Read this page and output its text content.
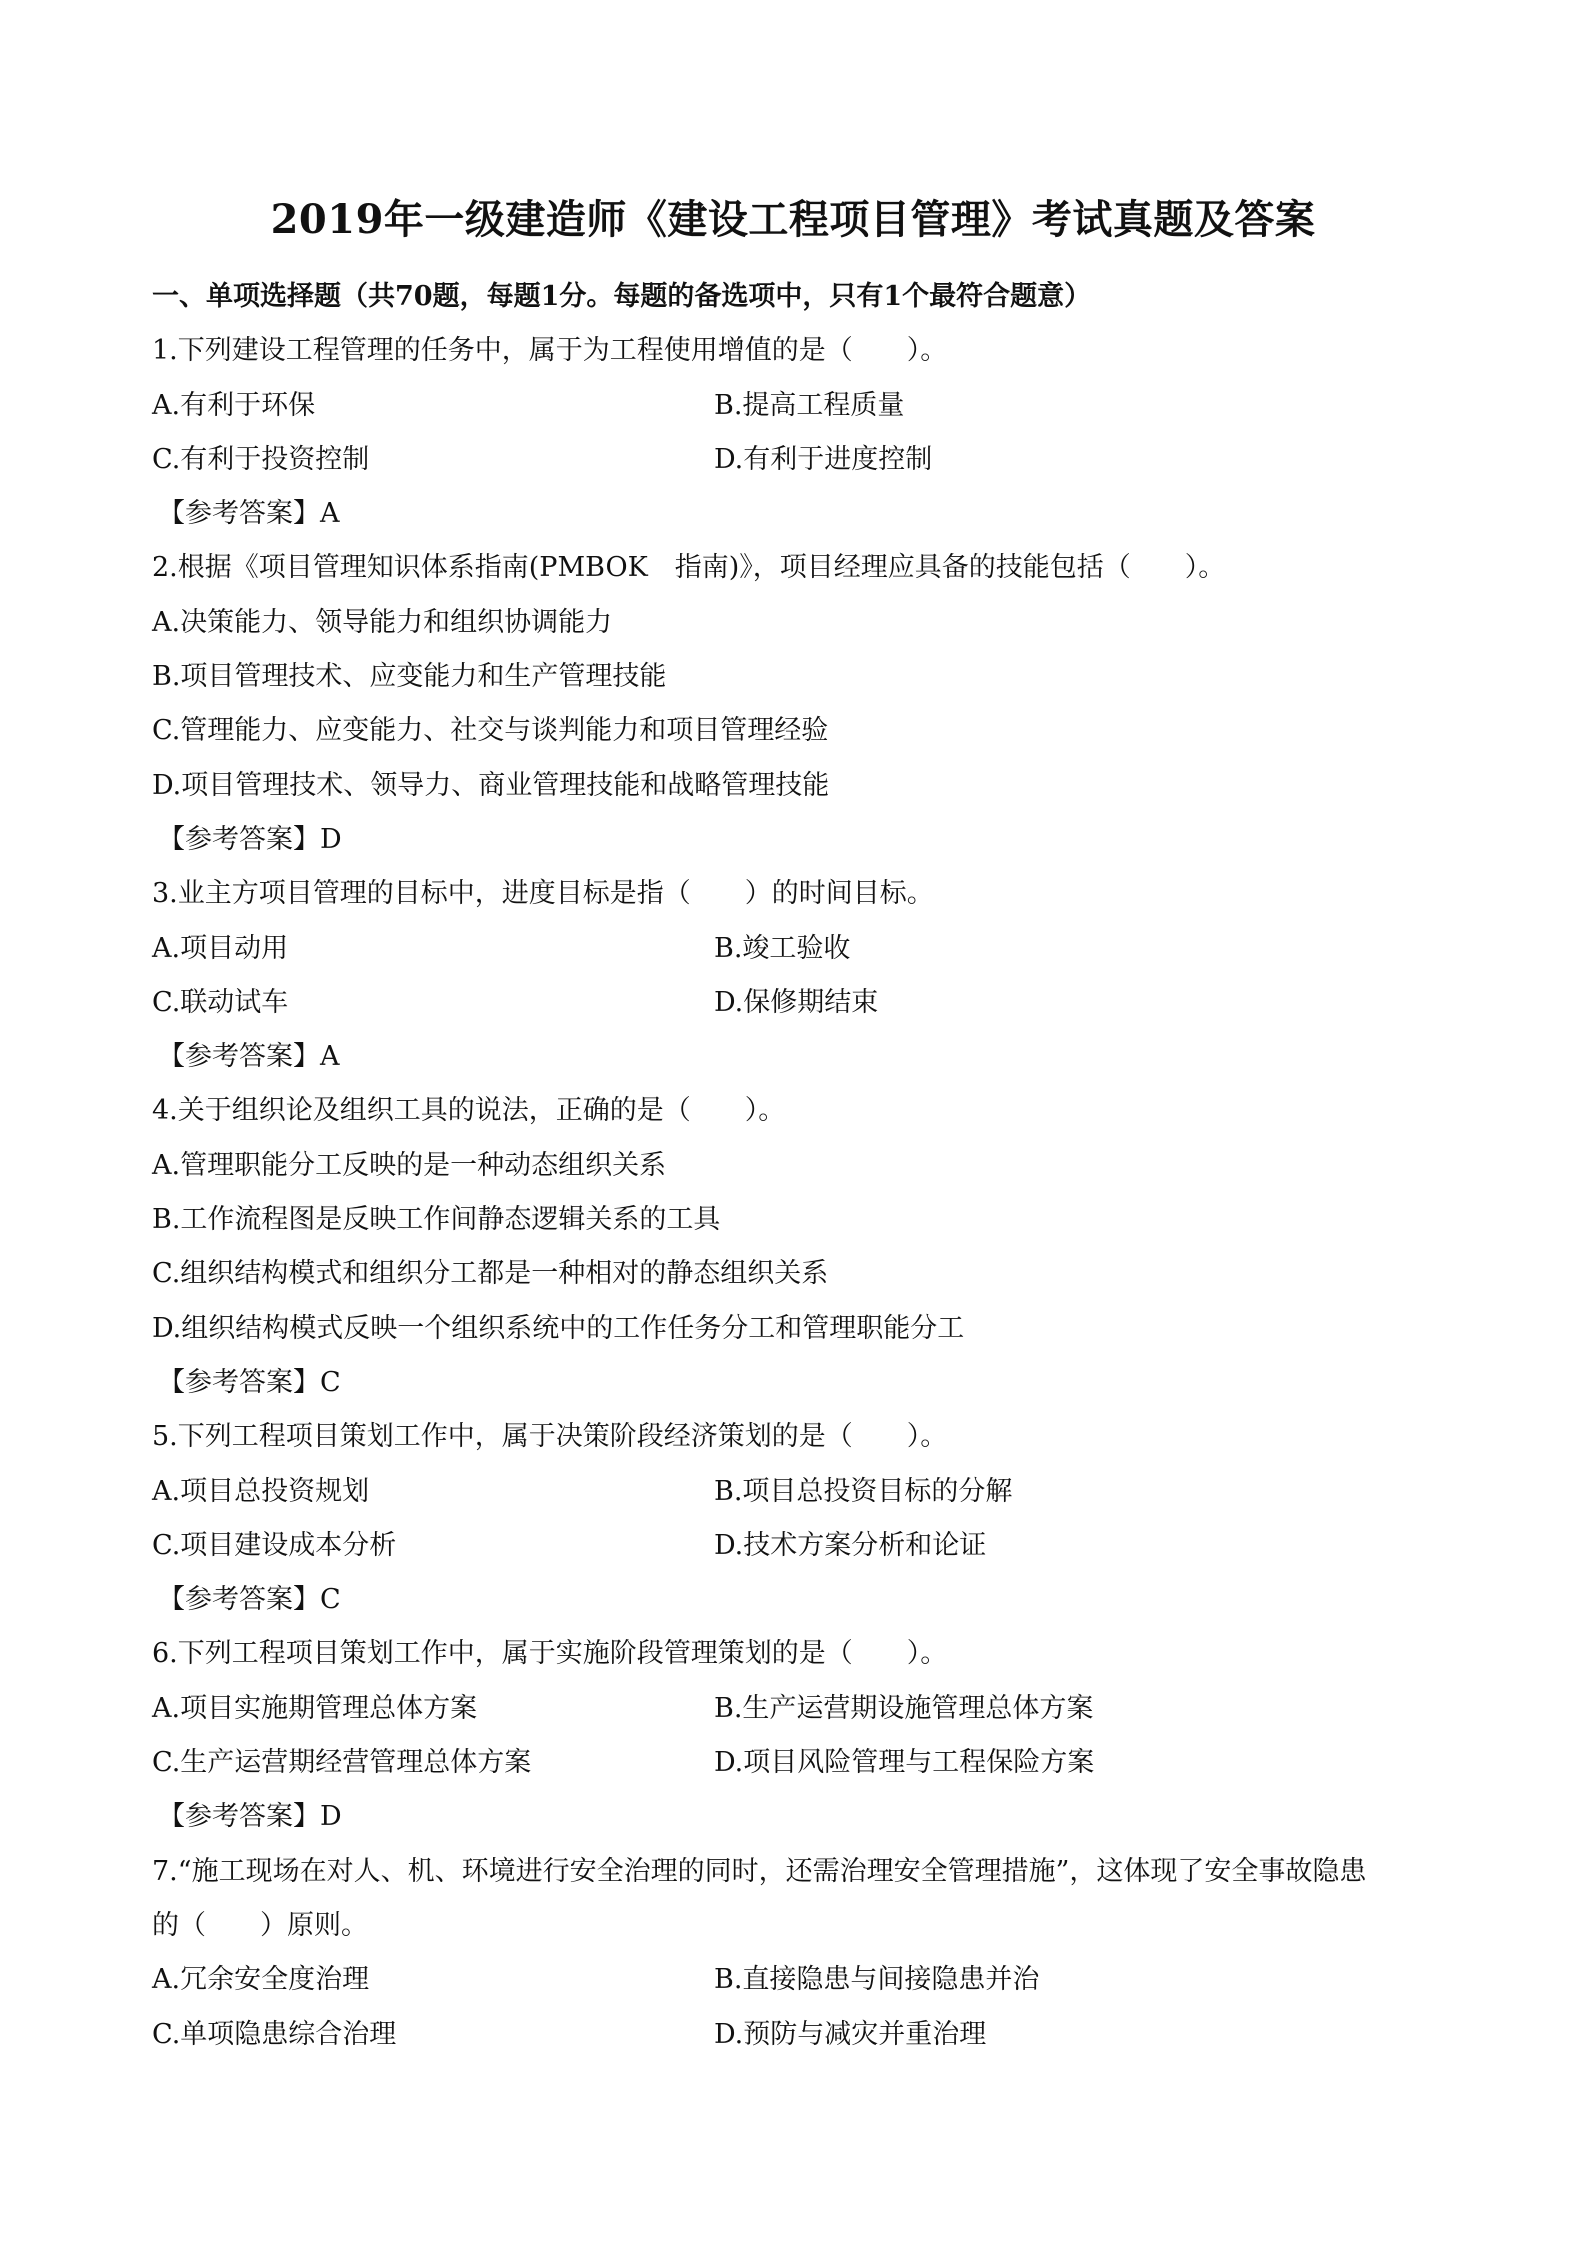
2019年一级建造师《建设工程项目管理》考试真题及答案
一、单项选择题（共70题，每题1分。每题的备选项中，只有1个最符合题意）
1.下列建设工程管理的任务中，属于为工程使用增值的是（　　）。
A.有利于环保	B.提高工程质量
C.有利于投资控制	D.有利于进度控制
【参考答案】A
2.根据《项目管理知识体系指南(PMBOK　指南)》，项目经理应具备的技能包括（　　）。
A.决策能力、领导能力和组织协调能力
B.项目管理技术、应变能力和生产管理技能
C.管理能力、应变能力、社交与谈判能力和项目管理经验
D.项目管理技术、领导力、商业管理技能和战略管理技能
【参考答案】D
3.业主方项目管理的目标中，进度目标是指（　　）的时间目标。
A.项目动用	B.竣工验收
C.联动试车	D.保修期结束
【参考答案】A
4.关于组织论及组织工具的说法，正确的是（　　）。
A.管理职能分工反映的是一种动态组织关系
B.工作流程图是反映工作间静态逻辑关系的工具
C.组织结构模式和组织分工都是一种相对的静态组织关系
D.组织结构模式反映一个组织系统中的工作任务分工和管理职能分工
【参考答案】C
5.下列工程项目策划工作中，属于决策阶段经济策划的是（　　）。
A.项目总投资规划	B.项目总投资目标的分解
C.项目建设成本分析	D.技术方案分析和论证
【参考答案】C
6.下列工程项目策划工作中，属于实施阶段管理策划的是（　　）。
A.项目实施期管理总体方案	B.生产运营期设施管理总体方案
C.生产运营期经营管理总体方案	D.项目风险管理与工程保险方案
【参考答案】D
7.“施工现场在对人、机、环境进行安全治理的同时，还需治理安全管理措施”，这体现了安全事故隐患
的（　　）原则。
A.冗余安全度治理	B.直接隐患与间接隐患并治
C.单项隐患综合治理	D.预防与减灾并重治理
